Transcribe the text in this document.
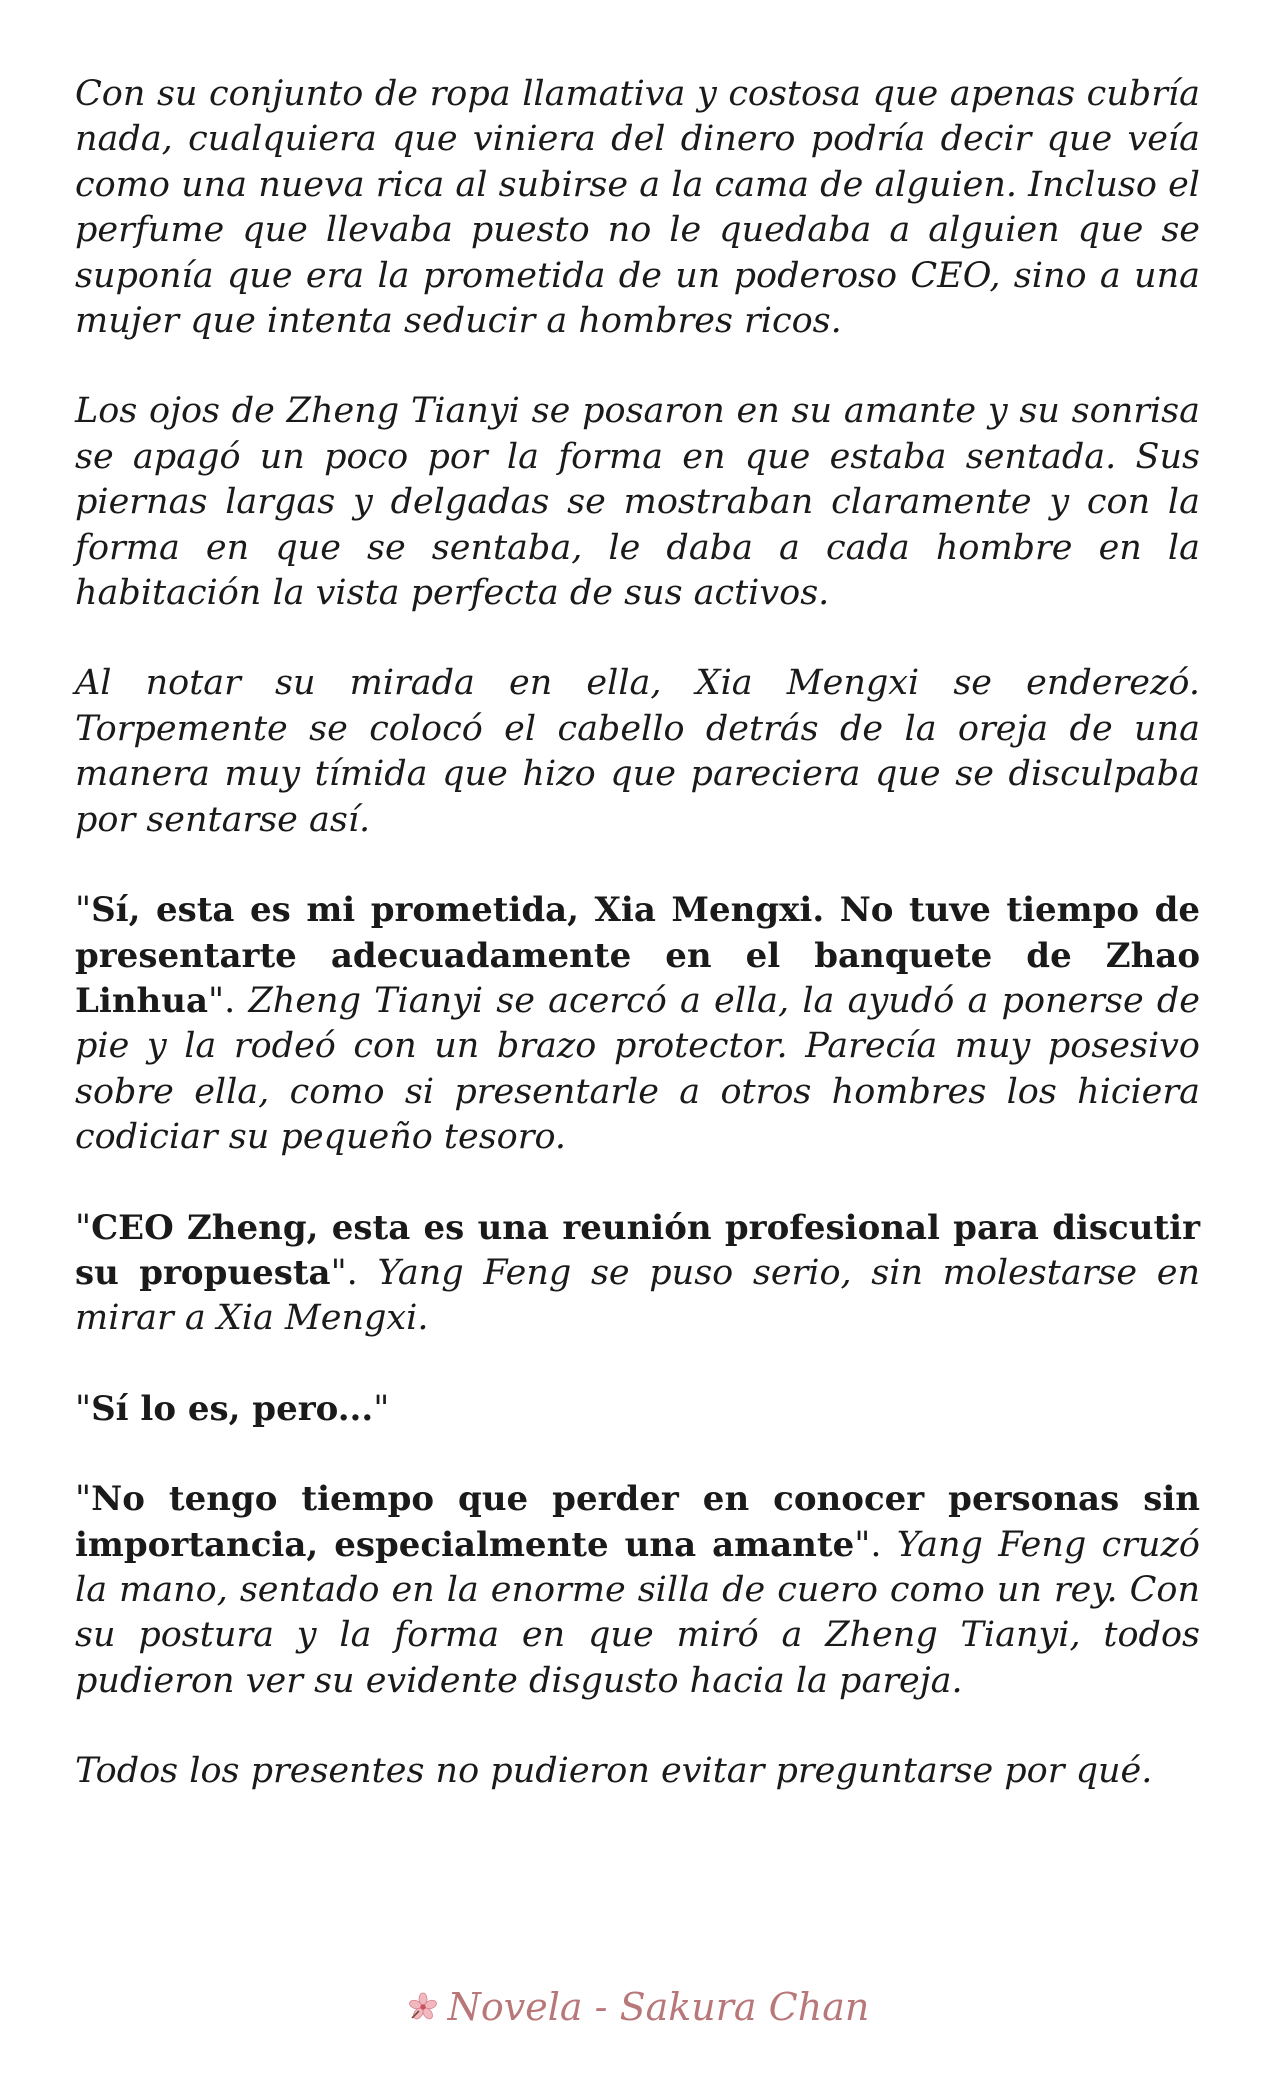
Con su conjunto de ropa llamativa y costosa que apenas cubría nada, cualquiera que viniera del dinero podría decir que veía como una nueva rica al subirse a la cama de alguien. Incluso el perfume que llevaba puesto no le quedaba a alguien que se suponía que era la prometida de un poderoso CEO, sino a una mujer que intenta seducir a hombres ricos.

Los ojos de Zheng Tianyi se posaron en su amante y su sonrisa se apagó un poco por la forma en que estaba sentada. Sus piernas largas y delgadas se mostraban claramente y con la forma en que se sentaba, le daba a cada hombre en la habitación la vista perfecta de sus activos.

Al notar su mirada en ella, Xia Mengxi se enderezó. Torpemente se colocó el cabello detrás de la oreja de una manera muy tímida que hizo que pareciera que se disculpaba por sentarse así.

"Sí, esta es mi prometida, Xia Mengxi. No tuve tiempo de presentarte adecuadamente en el banquete de Zhao Linhua". Zheng Tianyi se acercó a ella, la ayudó a ponerse de pie y la rodeó con un brazo protector. Parecía muy posesivo sobre ella, como si presentarle a otros hombres los hiciera codiciar su pequeño tesoro.

"CEO Zheng, esta es una reunión profesional para discutir su propuesta". Yang Feng se puso serio, sin molestarse en mirar a Xia Mengxi.

"Sí lo es, pero..."

"No tengo tiempo que perder en conocer personas sin importancia, especialmente una amante". Yang Feng cruzó la mano, sentado en la enorme silla de cuero como un rey. Con su postura y la forma en que miró a Zheng Tianyi, todos pudieron ver su evidente disgusto hacia la pareja.

Todos los presentes no pudieron evitar preguntarse por qué.

Novela - Sakura Chan
